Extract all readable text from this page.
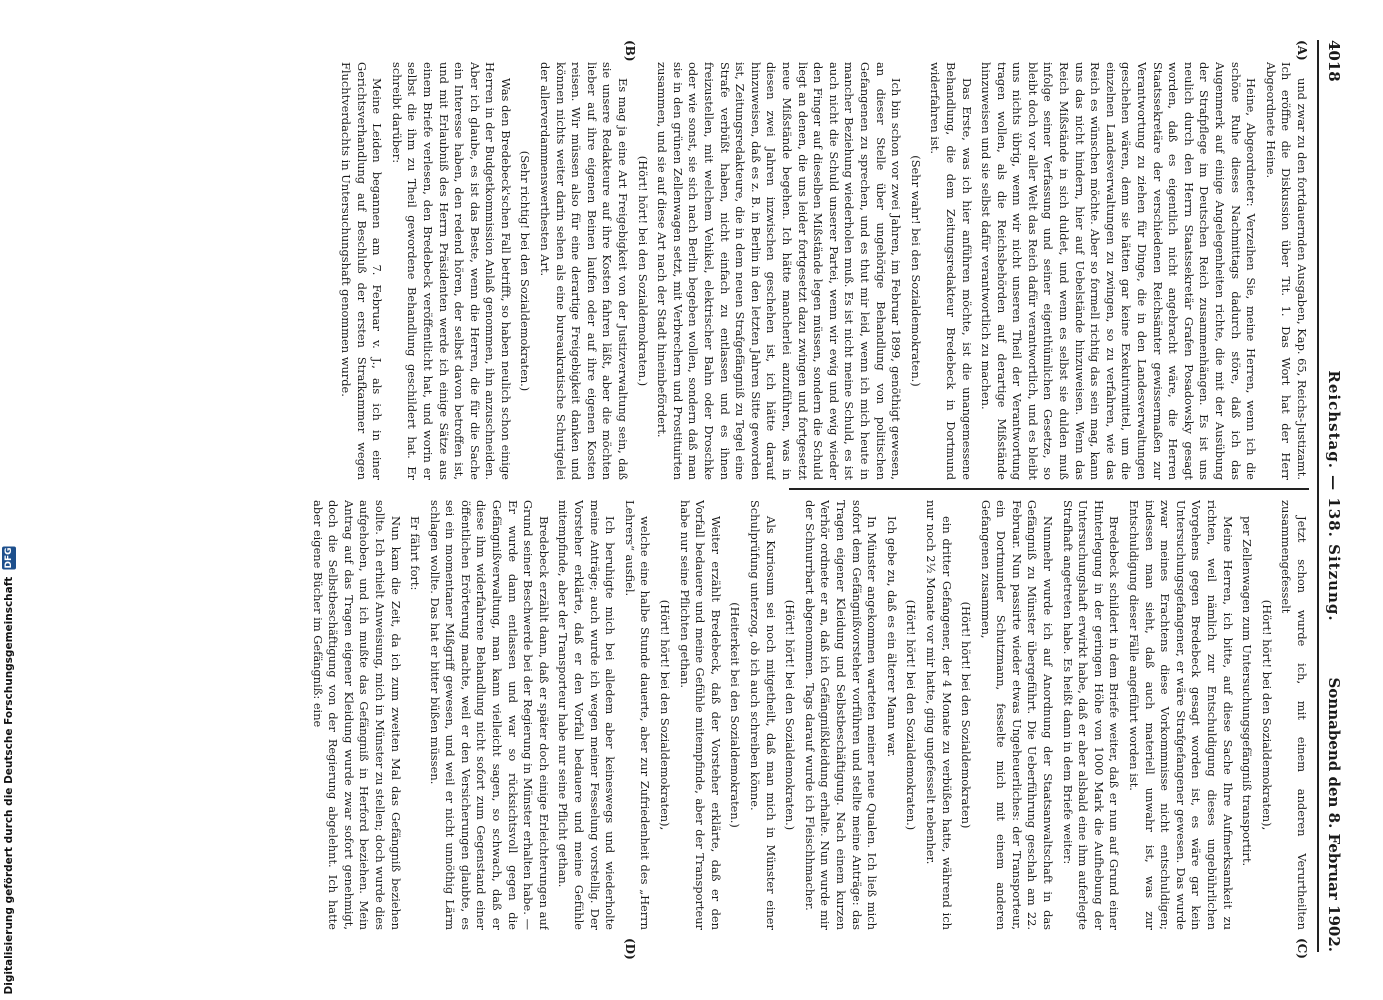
4018
Reichstag. — 138. Sitzung.
Sonnabend den 8. Februar 1902.
(A)
(B)
(C)
(D)

und zwar zu den fortdauernden Ausgaben, Kap. 65, Reichs-Justizamt. Ich eröffne die Diskussion über Tit. 1. Das Wort hat der Herr Abgeordnete Heine.

Heine, Abgeordneter: Verzeihen Sie, meine Herren, wenn ich die schöne Ruhe dieses Nachmittags dadurch störe, daß ich das Augenmerk auf einige Angelegenheiten richte, die mit der Ausübung der Strafpflege im Deutschen Reich zusammenhängen. Es ist uns neulich durch den Herrn Staatssekretär Grafen Posadowsky gesagt worden, daß es eigentlich nicht angebracht wäre, die Herren Staatssekretäre der verschiedenen Reichsämter gewissermaßen zur Verantwortung zu ziehen für Dinge, die in den Landesverwaltungen geschehen wären, denn sie hätten gar keine Exekutivmittel, um die einzelnen Landesverwaltungen zu zwingen, so zu verfahren, wie das Reich es wünschen möchte. Aber so formell richtig das sein mag, kann uns das nicht hindern, hier auf Uebelstände hinzuweisen. Wenn das Reich Mißstände in sich duldet, und wenn es selbst sie dulden muß infolge seiner Verfassung und seiner eigenthümlichen Gesetze, so bleibt doch vor aller Welt das Reich dafür verantwortlich, und es bleibt uns nichts übrig, wenn wir nicht unseren Theil der Verantwortung tragen wollen, als die Reichsbehörden auf derartige Mißstände hinzuweisen und sie selbst dafür verantwortlich zu machen.

Das Erste, was ich hier anführen möchte, ist die unangemessene Behandlung, die dem Zeitungsredakteur Bredebeck in Dortmund widerfahren ist.

(Sehr wahr! bei den Sozialdemokraten.)

Ich bin schon vor zwei Jahren, im Februar 1899, genöthigt gewesen, an dieser Stelle über ungehörige Behandlung von politischen Gefangenen zu sprechen, und es thut mir leid, wenn ich mich heute in mancher Beziehung wiederholen muß. Es ist nicht meine Schuld, es ist auch nicht die Schuld unserer Partei, wenn wir ewig und ewig wieder den Finger auf dieselben Mißstände legen müssen, sondern die Schuld liegt an denen, die uns leider fortgesetzt dazu zwingen und fortgesetzt neue Mißstände begehen. Ich hätte mancherlei anzuführen, was in diesen zwei Jahren inzwischen geschehen ist, ich hätte darauf hinzuweisen, daß es z. B. in Berlin in den letzten Jahren Sitte geworden ist, Zeitungsredakteure, die in dem neuen Strafgefängniß zu Tegel eine Strafe verbüßt haben, nicht einfach zu entlassen und es ihnen freizustellen, mit welchem Vehikel, elektrischer Bahn oder Droschke oder wie sonst, sie sich nach Berlin begeben wollen, sondern daß man sie in den grünen Zellenwagen setzt, mit Verbrechern und Prostituirten zusammen, und sie auf diese Art nach der Stadt hineinbefördert.

(Hört! hört! bei den Sozialdemokraten.)

Es mag ja eine Art Freigebigkeit von der Justizverwaltung sein, daß sie unsere Redakteure auf ihre Kosten fahren läßt, aber die möchten lieber auf ihre eigenen Beinen laufen oder auf ihre eigenen Kosten reisen. Wir müssen also für eine derartige Freigebigkeit danken und können nichts weiter darin sehen als eine bureaukratische Schurigelei der allerverdammenswerthesten Art.

(Sehr richtig! bei den Sozialdemokraten.)

Was den Bredebeck'schen Fall betrifft, so haben neulich schon einige Herren in der Budgetkommission Anlaß genommen, ihn anzuschneiden. Aber ich glaube, es ist das Beste, wenn die Herren, die für die Sache ein Interesse haben, den redend hören, der selbst davon betroffen ist, und mit Erlaubniß des Herrn Präsidenten werde ich einige Sätze aus einem Briefe verlesen, den Bredebeck veröffentlicht hat, und worin er selbst die ihm zu Theil gewordene Behandlung geschildert hat. Er schreibt darüber:

Meine Leiden begannen am 7. Februar v. J., als ich in einer Gerichtsverhandlung auf Beschluß der ersten Strafkammer wegen Fluchtverdachts in Untersuchungshaft genommen wurde.

Jetzt schon wurde ich, mit einem anderen Verurtheilten zusammengefesselt

(Hört! hört! bei den Sozialdemokraten),

per Zellenwagen zum Untersuchungsgefängniß transportirt.

Meine Herren, ich bitte, auf diese Sache Ihre Aufmerksamkeit zu richten, weil nämlich zur Entschuldigung dieses ungebührlichen Vorgehens gegen Bredebeck gesagt worden ist, es wäre gar kein Untersuchungsgefangener, er wäre Strafgefangener gewesen. Das wurde zwar meines Erachtens diese Vorkommnisse nicht entschuldigen; indessen man sieht, daß auch materiell unwahr ist, was zur Entschuldigung dieser Fälle angeführt worden ist.

Bredebeck schildert in dem Briefe weiter, daß er nun auf Grund einer Hinterlegung in der geringen Höhe von 1000 Mark die Aufhebung der Untersuchungshaft erwirkt habe, daß er aber alsbald eine ihm auferlegte Strafhaft angetreten habe. Es heißt dann in dem Briefe weiter:

Nunmehr wurde ich auf Anordnung der Staatsanwaltschaft in das Gefängniß zu Münster übergeführt. Die Ueberführung geschah am 22. Februar. Nun passirte wieder etwas Ungeheuerliches: der Transporteur, ein Dortmunder Schutzmann, fesselte mich mit einem anderen Gefangenen zusammen,

(Hört! hört! bei den Sozialdemokraten)

ein dritter Gefangener, der 4 Monate zu verbüßen hatte, während ich nur noch 2½ Monate vor mir hatte, ging ungefesselt nebenher.

(Hört! hört! bei den Sozialdemokraten.)

Ich gebe zu, daß es ein älterer Mann war.

In Münster angekommen warteten meiner neue Qualen. Ich ließ mich sofort dem Gefängnißvorsteher vorführen und stellte meine Anträge: das Tragen eigener Kleidung und Selbstbeschäftigung. Nach einem kurzen Verhör ordnete er an, daß ich Gefängnißkleidung erhalte. Nun wurde mir der Schnurrbart abgenommen. Tags darauf wurde ich Fleischhmacher.

(Hört! hört! bei den Sozialdemokraten.)

Als Kuriosum sei noch mitgetheilt, daß man mich in Münster einer Schulprüfung unterzog, ob ich auch schreiben könne.

(Heiterkeit bei den Sozialdemokraten.)

Weiter erzählt Bredebeck, daß der Vorsteher erklärte, daß er den Vorfall bedauere und meine Gefühle mitempfinde, aber der Transporteur habe nur seine Pflichten gethan.

(Hört! hört! bei den Sozialdemokraten),

welche eine halbe Stunde dauerte, aber zur Zufriedenheit des „Herrn Lehrers“ ausfiel.

Ich beruhigte mich bei alledem aber keineswegs und wiederholte meine Anträge; auch wurde ich wegen meiner Fesselung vorstellig. Der Vorsteher erklärte, daß er den Vorfall bedauere und meine Gefühle mitempfinde, aber der Transporteur habe nur seine Pflicht gethan.

Bredebeck erzählt dann, daß er später doch einige Erleichterungen auf Grund seiner Beschwerde bei der Regierung in Münster erhalten habe. — Er wurde dann entlassen und war so rücksichtsvoll gegen die Gefängnißverwaltung, man kann vielleicht sagen, so schwach, daß er diese ihm widerfahrene Behandlung nicht sofort zum Gegenstand einer öffentlichen Erörterung machte, weil er den Versicherungen glaubte, es sei ein momentaner Mißgriff gewesen, und weil er nicht unnöthig Lärm schlagen wollte. Das hat er bitter büßen müssen.

Er fährt fort:

Nun kam die Zeit, da ich zum zweiten Mal das Gefängniß beziehen sollte. Ich erhielt Anweisung, mich in Münster zu stellen; doch wurde dies aufgehoben, und ich mußte das Gefängniß in Herford beziehen. Mein Antrag auf das Tragen eigener Kleidung wurde zwar sofort genehmigt, doch die Selbstbeschäftigung von der Regierung abgelehnt. Ich hatte aber eigene Bücher im Gefängniß: eine

Digitalisierung gefördert durch die Deutsche Forschungsgemeinschaft DFG
